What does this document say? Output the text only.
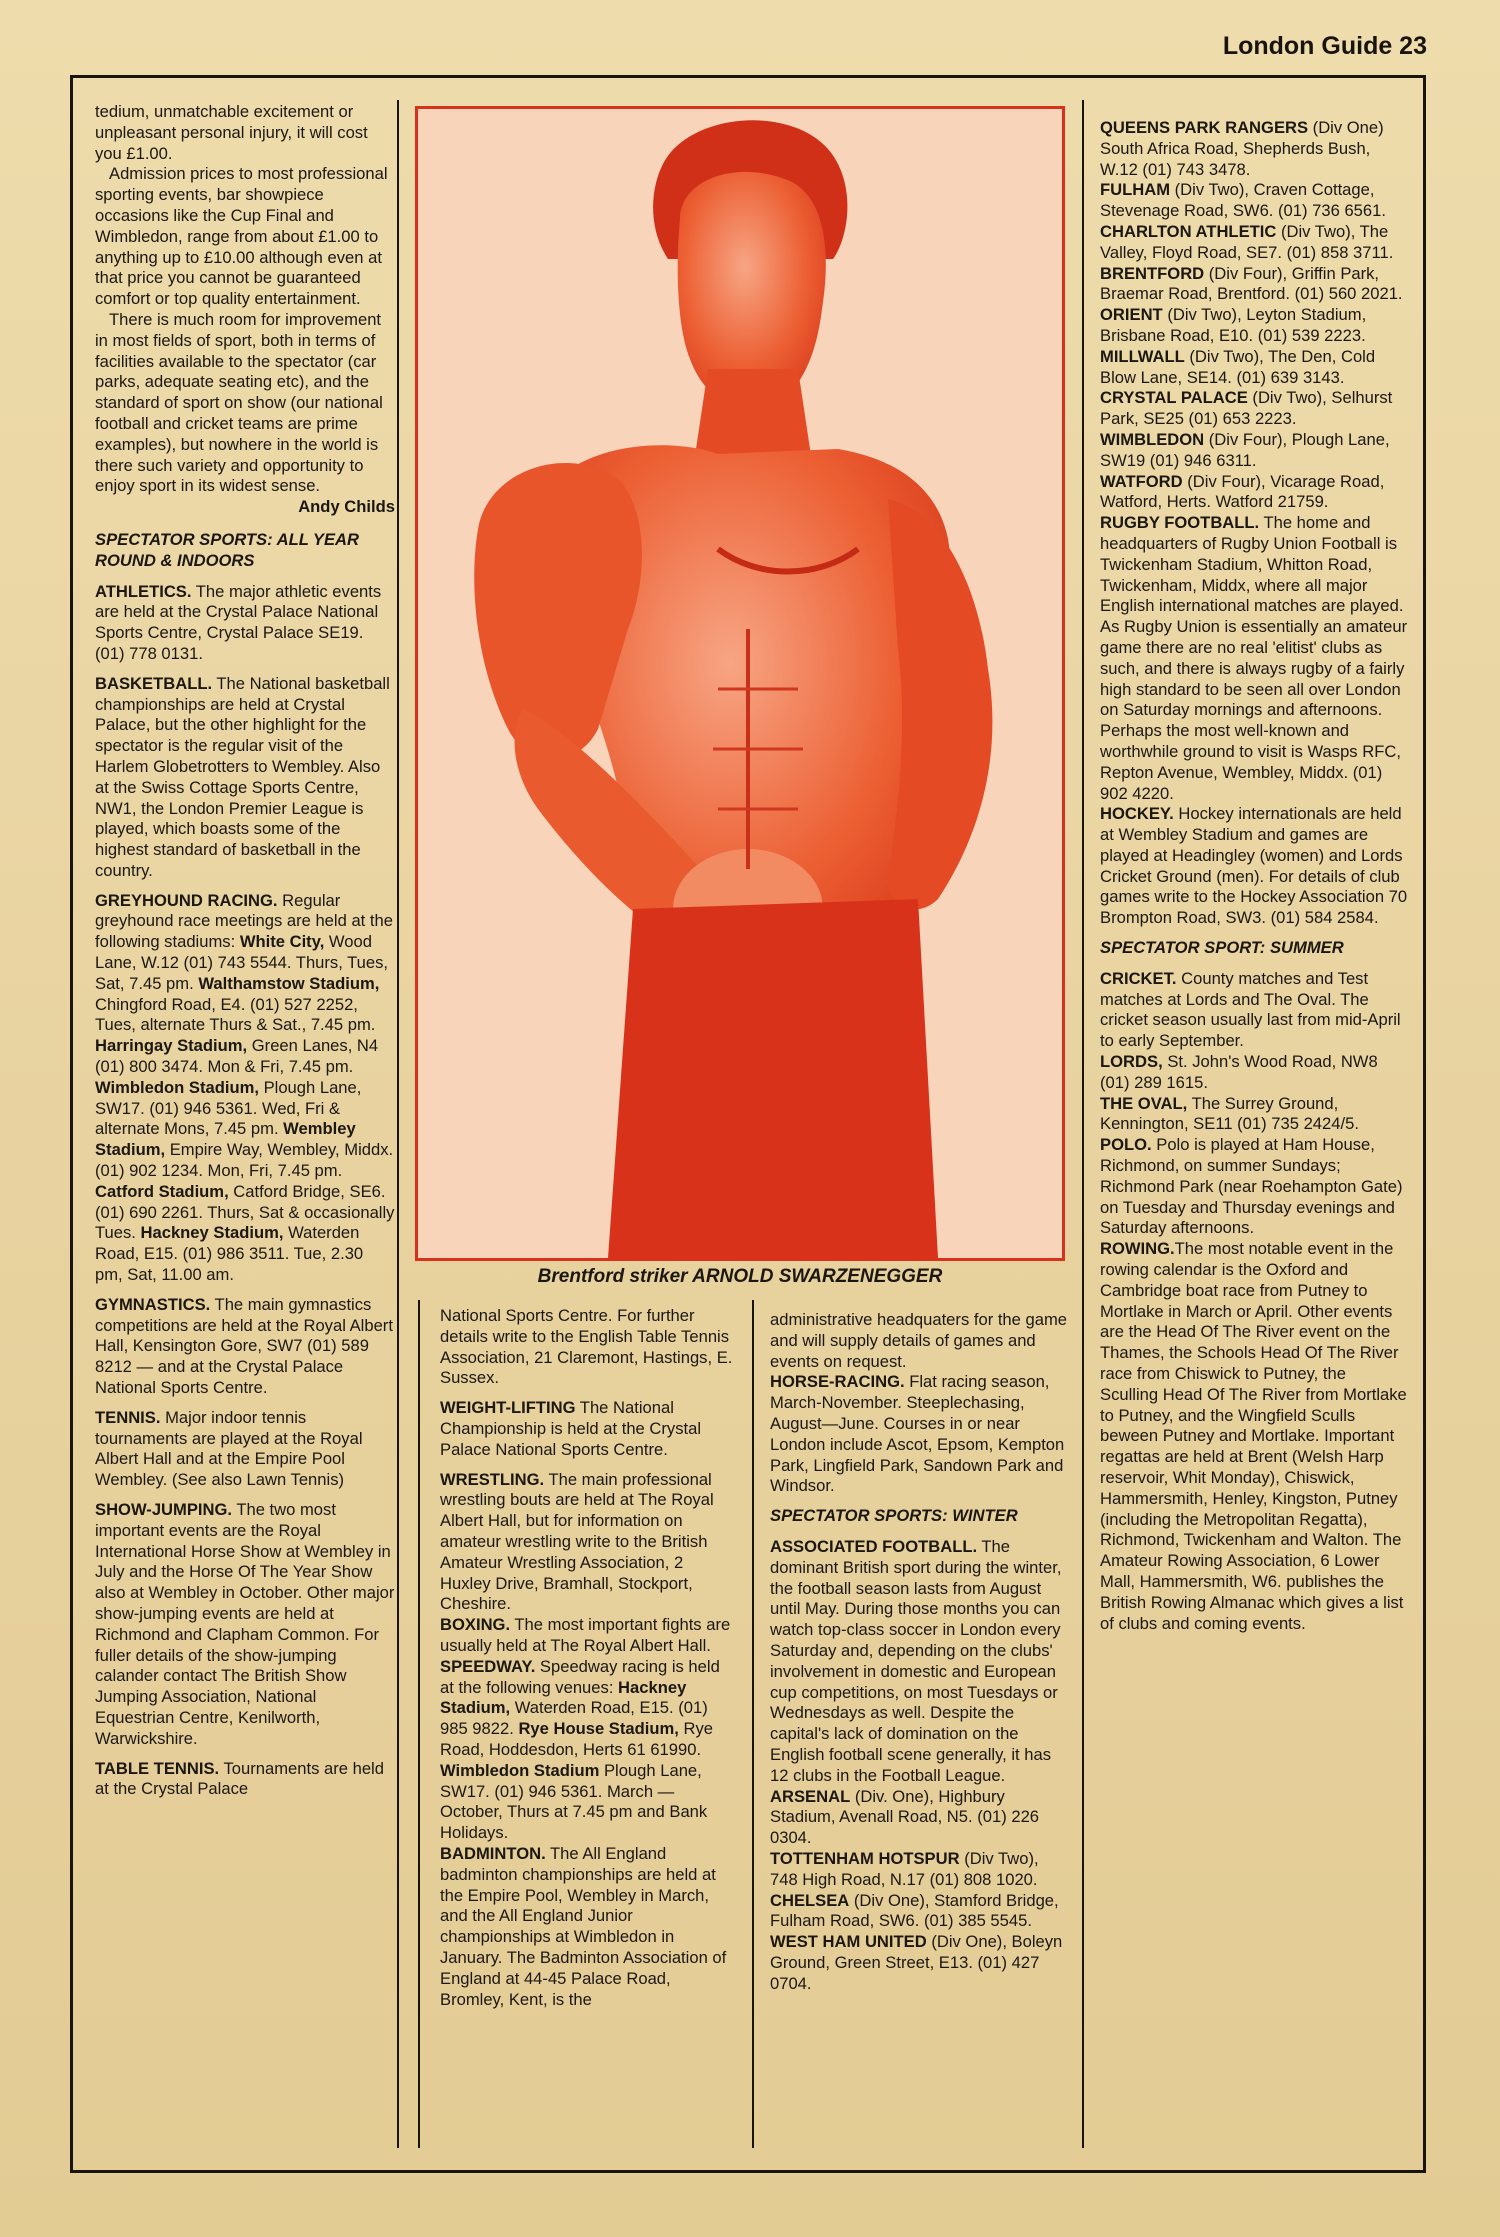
London Guide 23

tedium, unmatchable excitement or unpleasant personal injury, it will cost you £1.00.

Admission prices to most professional sporting events, bar showpiece occasions like the Cup Final and Wimbledon, range from about £1.00 to anything up to £10.00 although even at that price you cannot be guaranteed comfort or top quality entertainment.

There is much room for improvement in most fields of sport, both in terms of facilities available to the spectator (car parks, adequate seating etc), and the standard of sport on show (our national football and cricket teams are prime examples), but nowhere in the world is there such variety and opportunity to enjoy sport in its widest sense.

Andy Childs
SPECTATOR SPORTS: ALL YEAR ROUND & INDOORS

ATHLETICS. The major athletic events are held at the Crystal Palace National Sports Centre, Crystal Palace SE19. (01) 778 0131.

BASKETBALL. The National basketball championships are held at Crystal Palace, but the other highlight for the spectator is the regular visit of the Harlem Globetrotters to Wembley. Also at the Swiss Cottage Sports Centre, NW1, the London Premier League is played, which boasts some of the highest standard of basketball in the country.

GREYHOUND RACING. Regular greyhound race meetings are held at the following stadiums: White City, Wood Lane, W.12 (01) 743 5544. Thurs, Tues, Sat, 7.45 pm. Walthamstow Stadium, Chingford Road, E4. (01) 527 2252, Tues, alternate Thurs & Sat., 7.45 pm. Harringay Stadium, Green Lanes, N4 (01) 800 3474. Mon & Fri, 7.45 pm. Wimbledon Stadium, Plough Lane, SW17. (01) 946 5361. Wed, Fri & alternate Mons, 7.45 pm. Wembley Stadium, Empire Way, Wembley, Middx. (01) 902 1234. Mon, Fri, 7.45 pm. Catford Stadium, Catford Bridge, SE6. (01) 690 2261. Thurs, Sat & occasionally Tues. Hackney Stadium, Waterden Road, E15. (01) 986 3511. Tue, 2.30 pm, Sat, 11.00 am.

GYMNASTICS. The main gymnastics competitions are held at the Royal Albert Hall, Kensington Gore, SW7 (01) 589 8212 — and at the Crystal Palace National Sports Centre.

TENNIS. Major indoor tennis tournaments are played at the Royal Albert Hall and at the Empire Pool Wembley. (See also Lawn Tennis)

SHOW-JUMPING. The two most important events are the Royal International Horse Show at Wembley in July and the Horse Of The Year Show also at Wembley in October. Other major show-jumping events are held at Richmond and Clapham Common. For fuller details of the show-jumping calander contact The British Show Jumping Association, National Equestrian Centre, Kenilworth, Warwickshire.

TABLE TENNIS. Tournaments are held at the Crystal Palace

Brentford striker ARNOLD SWARZENEGGER

National Sports Centre. For further details write to the English Table Tennis Association, 21 Claremont, Hastings, E. Sussex.

WEIGHT-LIFTING The National Championship is held at the Crystal Palace National Sports Centre.

WRESTLING. The main professional wrestling bouts are held at The Royal Albert Hall, but for information on amateur wrestling write to the British Amateur Wrestling Association, 2 Huxley Drive, Bramhall, Stockport, Cheshire.

BOXING. The most important fights are usually held at The Royal Albert Hall.

SPEEDWAY. Speedway racing is held at the following venues: Hackney Stadium, Waterden Road, E15. (01) 985 9822. Rye House Stadium, Rye Road, Hoddesdon, Herts 61 61990. Wimbledon Stadium Plough Lane, SW17. (01) 946 5361. March — October, Thurs at 7.45 pm and Bank Holidays.

BADMINTON. The All England badminton championships are held at the Empire Pool, Wembley in March, and the All England Junior championships at Wimbledon in January. The Badminton Association of England at 44-45 Palace Road, Bromley, Kent, is the

administrative headquaters for the game and will supply details of games and events on request.

HORSE-RACING. Flat racing season, March-November. Steeplechasing, August—June. Courses in or near London include Ascot, Epsom, Kempton Park, Lingfield Park, Sandown Park and Windsor.

SPECTATOR SPORTS: WINTER

ASSOCIATED FOOTBALL. The dominant British sport during the winter, the football season lasts from August until May. During those months you can watch top-class soccer in London every Saturday and, depending on the clubs' involvement in domestic and European cup competitions, on most Tuesdays or Wednesdays as well. Despite the capital's lack of domination on the English football scene generally, it has 12 clubs in the Football League.

ARSENAL (Div. One), Highbury Stadium, Avenall Road, N5. (01) 226 0304.

TOTTENHAM HOTSPUR (Div Two), 748 High Road, N.17 (01) 808 1020.

CHELSEA (Div One), Stamford Bridge, Fulham Road, SW6. (01) 385 5545.

WEST HAM UNITED (Div One), Boleyn Ground, Green Street, E13. (01) 427 0704.

QUEENS PARK RANGERS (Div One) South Africa Road, Shepherds Bush, W.12 (01) 743 3478.

FULHAM (Div Two), Craven Cottage, Stevenage Road, SW6. (01) 736 6561.

CHARLTON ATHLETIC (Div Two), The Valley, Floyd Road, SE7. (01) 858 3711.

BRENTFORD (Div Four), Griffin Park, Braemar Road, Brentford. (01) 560 2021.

ORIENT (Div Two), Leyton Stadium, Brisbane Road, E10. (01) 539 2223.

MILLWALL (Div Two), The Den, Cold Blow Lane, SE14. (01) 639 3143.

CRYSTAL PALACE (Div Two), Selhurst Park, SE25 (01) 653 2223.

WIMBLEDON (Div Four), Plough Lane, SW19 (01) 946 6311.

WATFORD (Div Four), Vicarage Road, Watford, Herts. Watford 21759.

RUGBY FOOTBALL. The home and headquarters of Rugby Union Football is Twickenham Stadium, Whitton Road, Twickenham, Middx, where all major English international matches are played. As Rugby Union is essentially an amateur game there are no real 'elitist' clubs as such, and there is always rugby of a fairly high standard to be seen all over London on Saturday mornings and afternoons. Perhaps the most well-known and worthwhile ground to visit is Wasps RFC, Repton Avenue, Wembley, Middx. (01) 902 4220.

HOCKEY. Hockey internationals are held at Wembley Stadium and games are played at Headingley (women) and Lords Cricket Ground (men). For details of club games write to the Hockey Association 70 Brompton Road, SW3. (01) 584 2584.

SPECTATOR SPORT: SUMMER

CRICKET. County matches and Test matches at Lords and The Oval. The cricket season usually last from mid-April to early September.

LORDS, St. John's Wood Road, NW8 (01) 289 1615.

THE OVAL, The Surrey Ground, Kennington, SE11 (01) 735 2424/5.

POLO. Polo is played at Ham House, Richmond, on summer Sundays; Richmond Park (near Roehampton Gate) on Tuesday and Thursday evenings and Saturday afternoons.

ROWING.The most notable event in the rowing calendar is the Oxford and Cambridge boat race from Putney to Mortlake in March or April. Other events are the Head Of The River event on the Thames, the Schools Head Of The River race from Chiswick to Putney, the Sculling Head Of The River from Mortlake to Putney, and the Wingfield Sculls beween Putney and Mortlake. Important regattas are held at Brent (Welsh Harp reservoir, Whit Monday), Chiswick, Hammersmith, Henley, Kingston, Putney (including the Metropolitan Regatta), Richmond, Twickenham and Walton. The Amateur Rowing Association, 6 Lower Mall, Hammersmith, W6. publishes the British Rowing Almanac which gives a list of clubs and coming events.
